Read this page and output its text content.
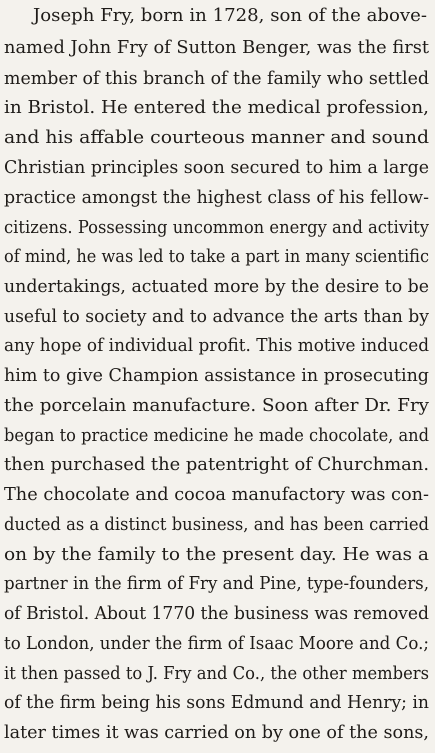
Joseph Fry, born in 1728, son of the above-
named John Fry of Sutton Benger, was the first
member of this branch of the family who settled
in Bristol. He entered the medical profession,
and his affable courteous manner and sound
Christian principles soon secured to him a large
practice amongst the highest class of his fellow-
citizens. Possessing uncommon energy and activity
of mind, he was led to take a part in many scientific
undertakings, actuated more by the desire to be
useful to society and to advance the arts than by
any hope of individual profit. This motive induced
him to give Champion assistance in prosecuting
the porcelain manufacture. Soon after Dr. Fry
began to practice medicine he made chocolate, and
then purchased the patentright of Churchman.
The chocolate and cocoa manufactory was con-
ducted as a distinct business, and has been carried
on by the family to the present day. He was a
partner in the firm of Fry and Pine, type-founders,
of Bristol. About 1770 the business was removed
to London, under the firm of Isaac Moore and Co.;
it then passed to J. Fry and Co., the other members
of the firm being his sons Edmund and Henry; in
later times it was carried on by one of the sons,
